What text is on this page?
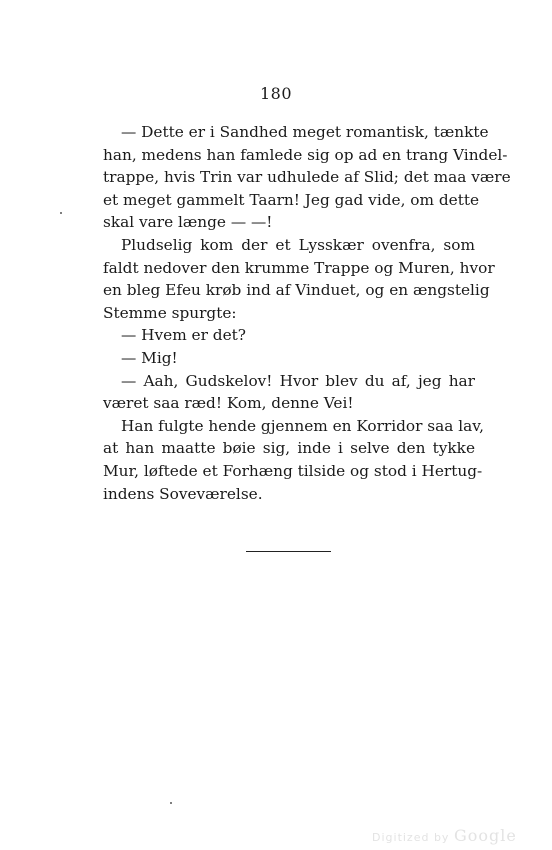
180
— Dette er i Sandhed meget romantisk, tænkte
han, medens han famlede sig op ad en trang Vindel-
trappe, hvis Trin var udhulede af Slid; det maa være
et meget gammelt Taarn! Jeg gad vide, om dette
skal vare længe — —!
Pludselig kom der et Lysskær ovenfra, som
faldt nedover den krumme Trappe og Muren, hvor
en bleg Efeu krøb ind af Vinduet, og en ængstelig
Stemme spurgte:
— Hvem er det?
— Mig!
— Aah, Gudskelov! Hvor blev du af, jeg har
været saa ræd! Kom, denne Vei!
Han fulgte hende gjennem en Korridor saa lav,
at han maatte bøie sig, inde i selve den tykke
Mur, løftede et Forhæng tilside og stod i Hertug-
indens Soveværelse.
Digitized by Google
